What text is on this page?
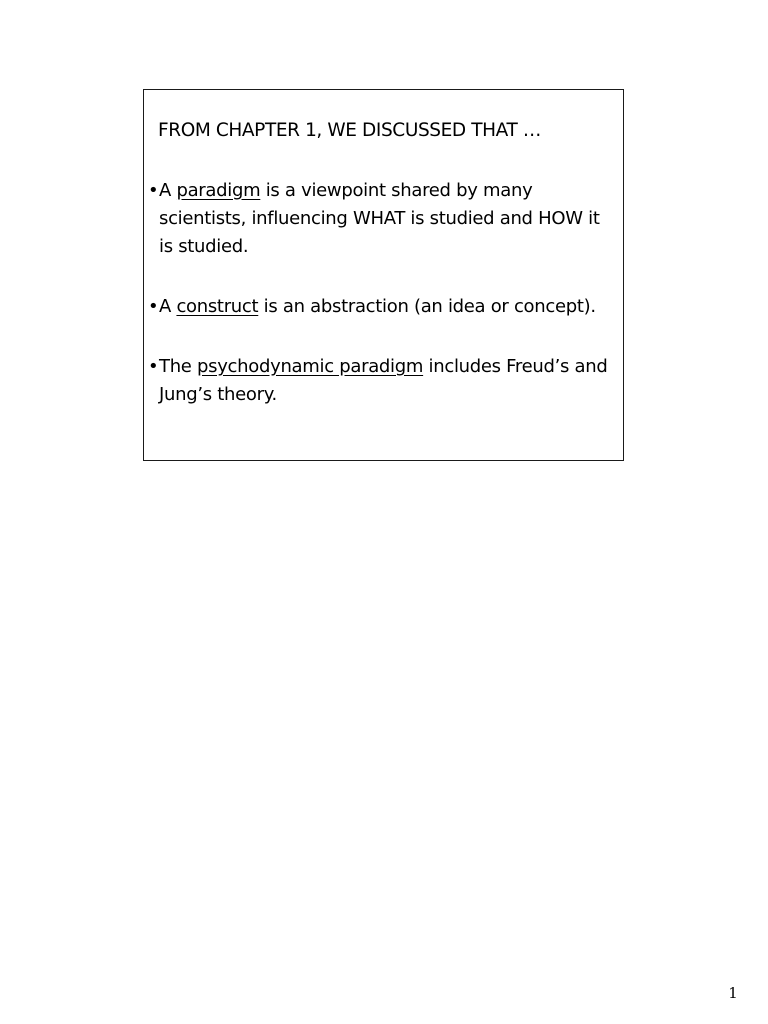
FROM CHAPTER 1, WE DISCUSSED THAT …
• A paradigm is a viewpoint shared by many scientists, influencing WHAT is studied and HOW it is studied.
• A construct is an abstraction (an idea or concept).
• The psychodynamic paradigm includes Freud’s and Jung’s theory.
1
